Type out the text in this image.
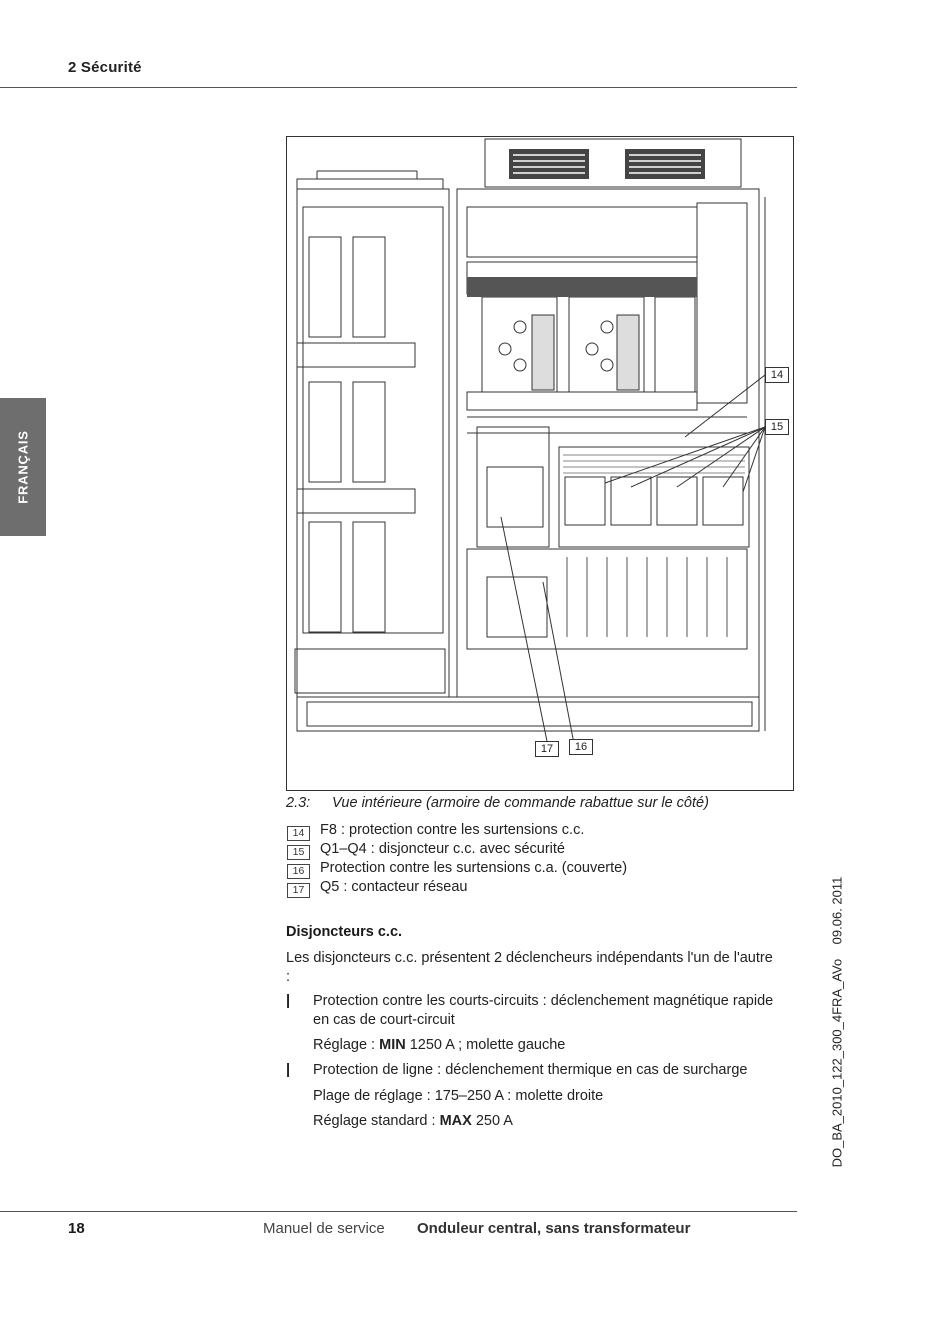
2 Sécurité
FRANÇAIS
14
15
16
17
2.3: Vue intérieure (armoire de commande rabattue sur le côté)
14 F8 : protection contre les surtensions c.c.
15 Q1–Q4 : disjoncteur c.c. avec sécurité
16 Protection contre les surtensions c.a. (couverte)
17 Q5 : contacteur réseau
Disjoncteurs c.c.
Les disjoncteurs c.c. présentent 2 déclencheurs indépendants l'un de l'autre :
| Protection contre les courts-circuits : déclenchement magnétique rapide en cas de court-circuit
Réglage : MIN 1250 A ; molette gauche
| Protection de ligne : déclenchement thermique en cas de surcharge
Plage de réglage : 175–250 A : molette droite
Réglage standard : MAX 250 A	DO_BA_2010_122_300_4FRA_AVo    09.06. 2011
18	Manuel de service Onduleur central, sans transformateur
